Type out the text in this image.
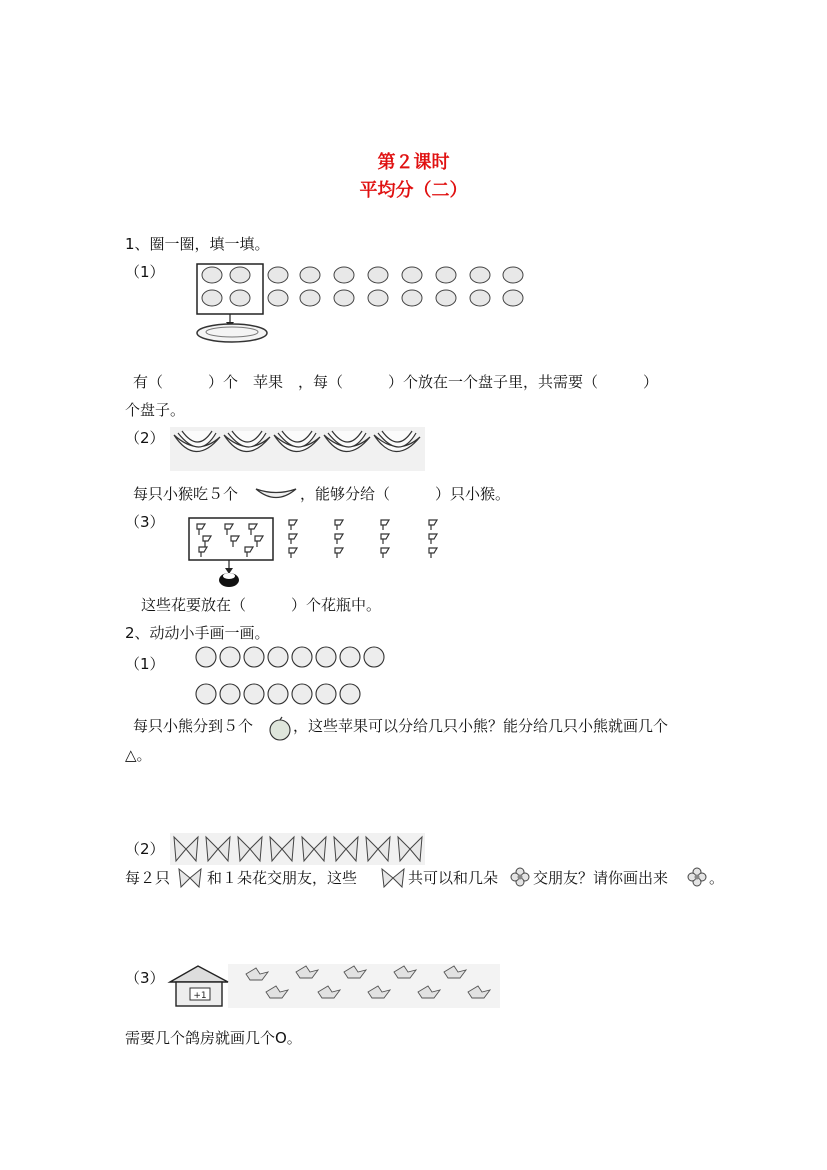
第２课时
平均分（二）
1、圈一圈，填一填。
（1）
有（　　　）个　苹果　，每（　　　）个放在一个盘子里，共需要（　　　）
个盘子。
（2）
每只小猴吃５个	，能够分给（　　　）只小猴。
（3）
这些花要放在（　　　）个花瓶中。
2、动动小手画一画。
（1）
每只小熊分到５个	，这些苹果可以分给几只小熊？能分给几只小熊就画几个
△。
（2）
每２只 和１朵花交朋友，这些	共可以和几朵 交朋友？请你画出来	。
（3）
+1
需要几个鸽房就画几个O。
